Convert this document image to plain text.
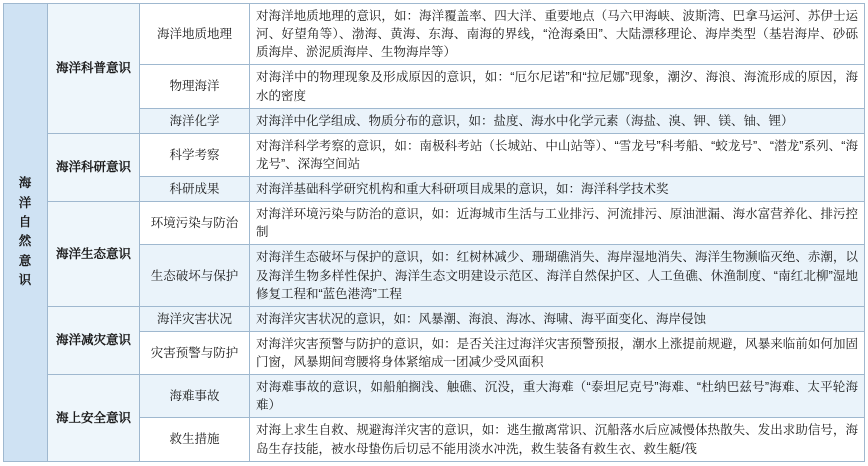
海洋自然意识	海洋科普意识	海洋地质地理	对海洋地质地理的意识，如：海洋覆盖率、四大洋、重要地点（马六甲海峡、波斯湾、巴拿马运河、苏伊士运河、好望角等）、渤海、黄海、东海、南海的界线，“沧海桑田”、大陆漂移理论、海岸类型（基岩海岸、砂砾质海岸、淤泥质海岸、生物海岸等）
		物理海洋	对海洋中的物理现象及形成原因的意识，如：“厄尔尼诺”和“拉尼娜”现象，潮汐、海浪、海流形成的原因，海水的密度
		海洋化学	对海洋中化学组成、物质分布的意识，如：盐度、海水中化学元素（海盐、溴、钾、镁、铀、锂）
	海洋科研意识	科学考察	对海洋科学考察的意识，如：南极科考站（长城站、中山站等）、“雪龙号”科考船、“蛟龙号”、“潜龙”系列、“海龙号”、深海空间站
		科研成果	对海洋基础科学研究机构和重大科研项目成果的意识，如：海洋科学技术奖
	海洋生态意识	环境污染与防治	对海洋环境污染与防治的意识，如：近海城市生活与工业排污、河流排污、原油泄漏、海水富营养化、排污控制
		生态破坏与保护	对海洋生态破坏与保护的意识，如：红树林减少、珊瑚礁消失、海岸湿地消失、海洋生物濒临灭绝、赤潮，以及海洋生物多样性保护、海洋生态文明建设示范区、海洋自然保护区、人工鱼礁、休渔制度、“南红北柳”湿地修复工程和“蓝色港湾”工程
	海洋减灾意识	海洋灾害状况	对海洋灾害状况的意识，如：风暴潮、海浪、海冰、海啸、海平面变化、海岸侵蚀
		灾害预警与防护	对海洋灾害预警与防护的意识，如：是否关注过海洋灾害预警预报，潮水上涨提前规避，风暴来临前如何加固门窗，风暴期间弯腰将身体紧缩成一团减少受风面积
	海上安全意识	海难事故	对海难事故的意识，如船舶搁浅、触礁、沉没，重大海难（“泰坦尼克号”海难、“杜纳巴兹号”海难、太平轮海难）
		救生措施	对海上求生自救、规避海洋灾害的意识，如：逃生撤离常识、沉船落水后应减慢体热散失、发出求助信号，海岛生存技能，被水母蛰伤后切忌不能用淡水冲洗，救生装备有救生衣、救生艇/筏
